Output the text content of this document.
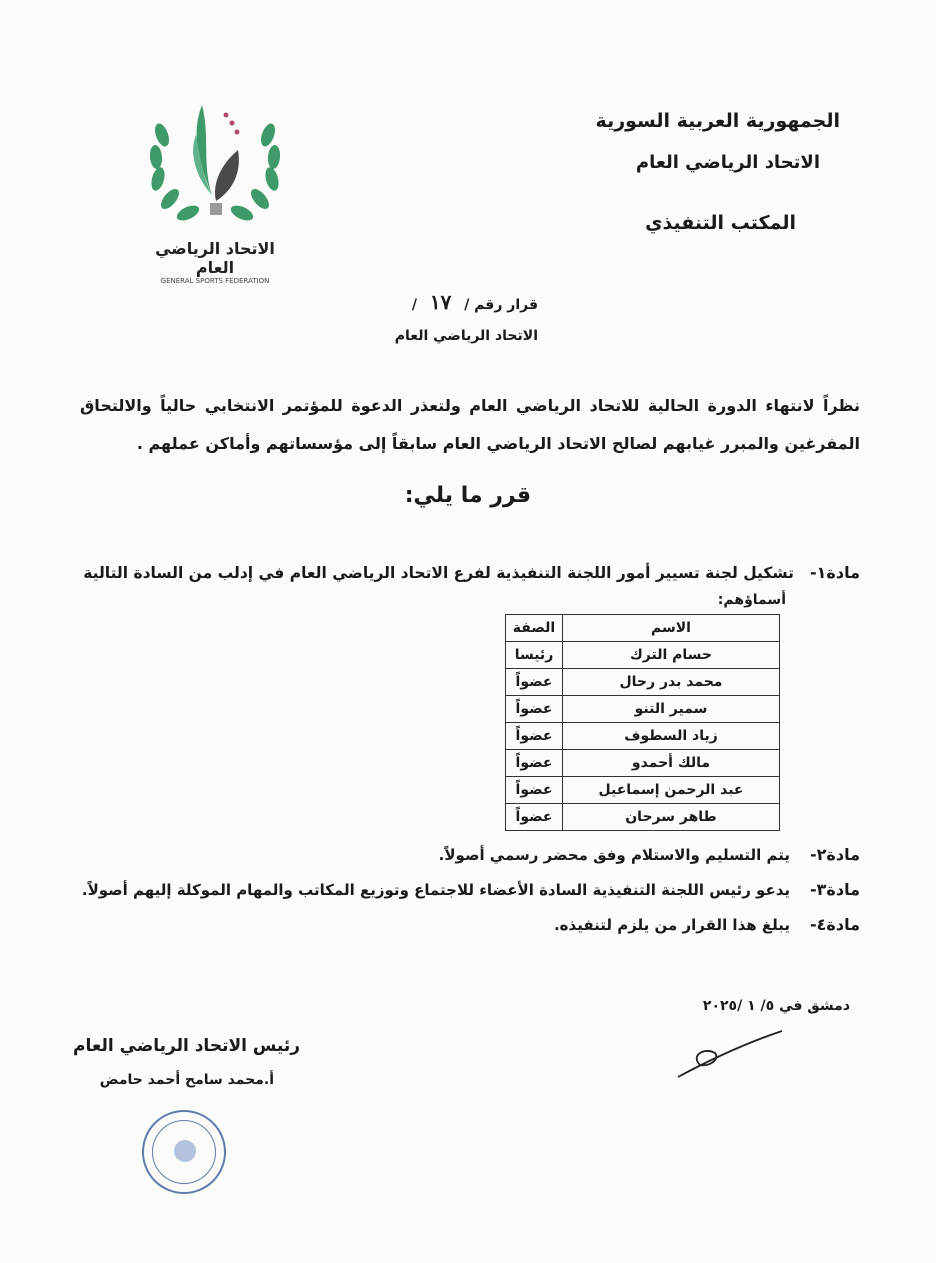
الجمهورية العربية السورية
الاتحاد الرياضي العام
المكتب التنفيذي
الاتحاد الرياضي العام
GENERAL SPORTS FEDERATION
قرار رقم / ١٧ /
الاتحاد الرياضي العام
نظراً لانتهاء الدورة الحالية للاتحاد الرياضي العام ولتعذر الدعوة للمؤتمر الانتخابي حالياً والالتحاق
المفرغين والمبرر غيابهم لصالح الاتحاد الرياضي العام سابقاً إلى مؤسساتهم وأماكن عملهم .
قرر ما يلي:
مادة١-
تشكيل لجنة تسيير أمور اللجنة التنفيذية لفرع الاتحاد الرياضي العام في إدلب من السادة التالية
أسماؤهم:
الاسم	الصفة
حسام الترك	رئيسا
محمد بدر رحال	عضواً
سمير التنو	عضواً
زياد السطوف	عضواً
مالك أحمدو	عضواً
عبد الرحمن إسماعيل	عضواً
طاهر سرحان	عضواً
مادة٢-
يتم التسليم والاستلام وفق محضر رسمي أصولاً.
مادة٣-
يدعو رئيس اللجنة التنفيذية السادة الأعضاء للاجتماع وتوزيع المكاتب والمهام الموكلة إليهم أصولاً.
مادة٤-
يبلغ هذا القرار من يلزم لتنفيذه.
دمشق في ٥/ ١ /٢٠٢٥
رئيس الاتحاد الرياضي العام
أ.محمد سامح أحمد حامض
